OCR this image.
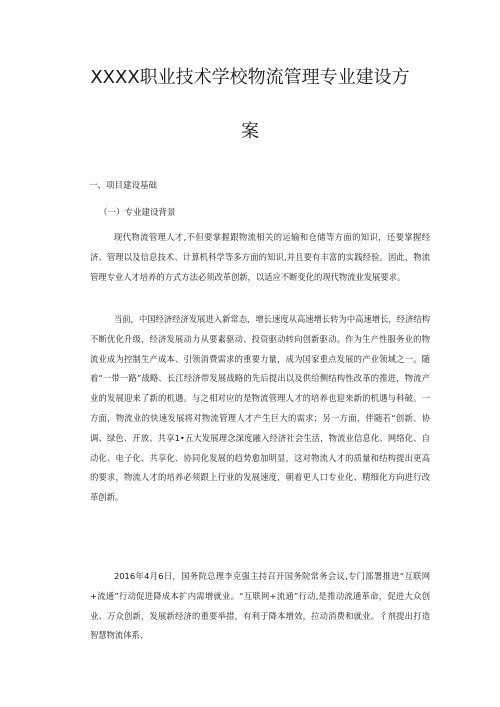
XXXX职业技术学校物流管理专业建设方
案
一、项目建设基础
（一）专业建设背景

现代物流管理人才,不但要掌握跟物流相关的运输和仓储等方面的知识，还要掌握经济、管理以及信息技术、计算机科学等多方面的知识,并且要有丰富的实践经验。因此，物流管理专业人才培养的方式方法必须改革创新，以适应不断变化的现代物流业发展要求。

当前，中国经济经济发展进入新常态，增长速度从高速增长转为中高速增长，经济结构不断优化升级，经济发展动力从要素驱动、投资驱动转向创新驱动。作为生产性服务业的物流业成为控制生产成本、引领消费需求的重要力量，成为国家重点发展的产业领域之一。随着“一带一路”战略、长江经济带发展战略的先后提出以及供给侧结构性改革的推进，物流产业的发展迎来了新的机遇。与之相对应的是物流管理人才的培养也迎来新的机遇与科破。一方面，物流业的快速发展将对物流管理人才产生巨大的需求；另一方面，伴随若“创新、协调、绿色、开放、共享1•五大发展理念深度融入经济社会生活，物流业信息化、网络化、自动化、电子化、共享化、协同化发展的趋势愈加明显，这对物流人才的质量和结构提出更高的要求，物流人才的培养必须跟上行业的发展速度，朝着更人口专业化、精细化方向进行改革创新。

2016年4月6日，国务院总理李克强主持召开国务院常务会议,专门部署推进“互联网+流通”行动促进降成本扩内需增就业。“互联网+流通”行动,是推动流通革命，促进大众创业、万众创新，发展新经济的重要举措，有利于降本增效，拉动消费和就业。彳剂提出打造智慧物流体系、
